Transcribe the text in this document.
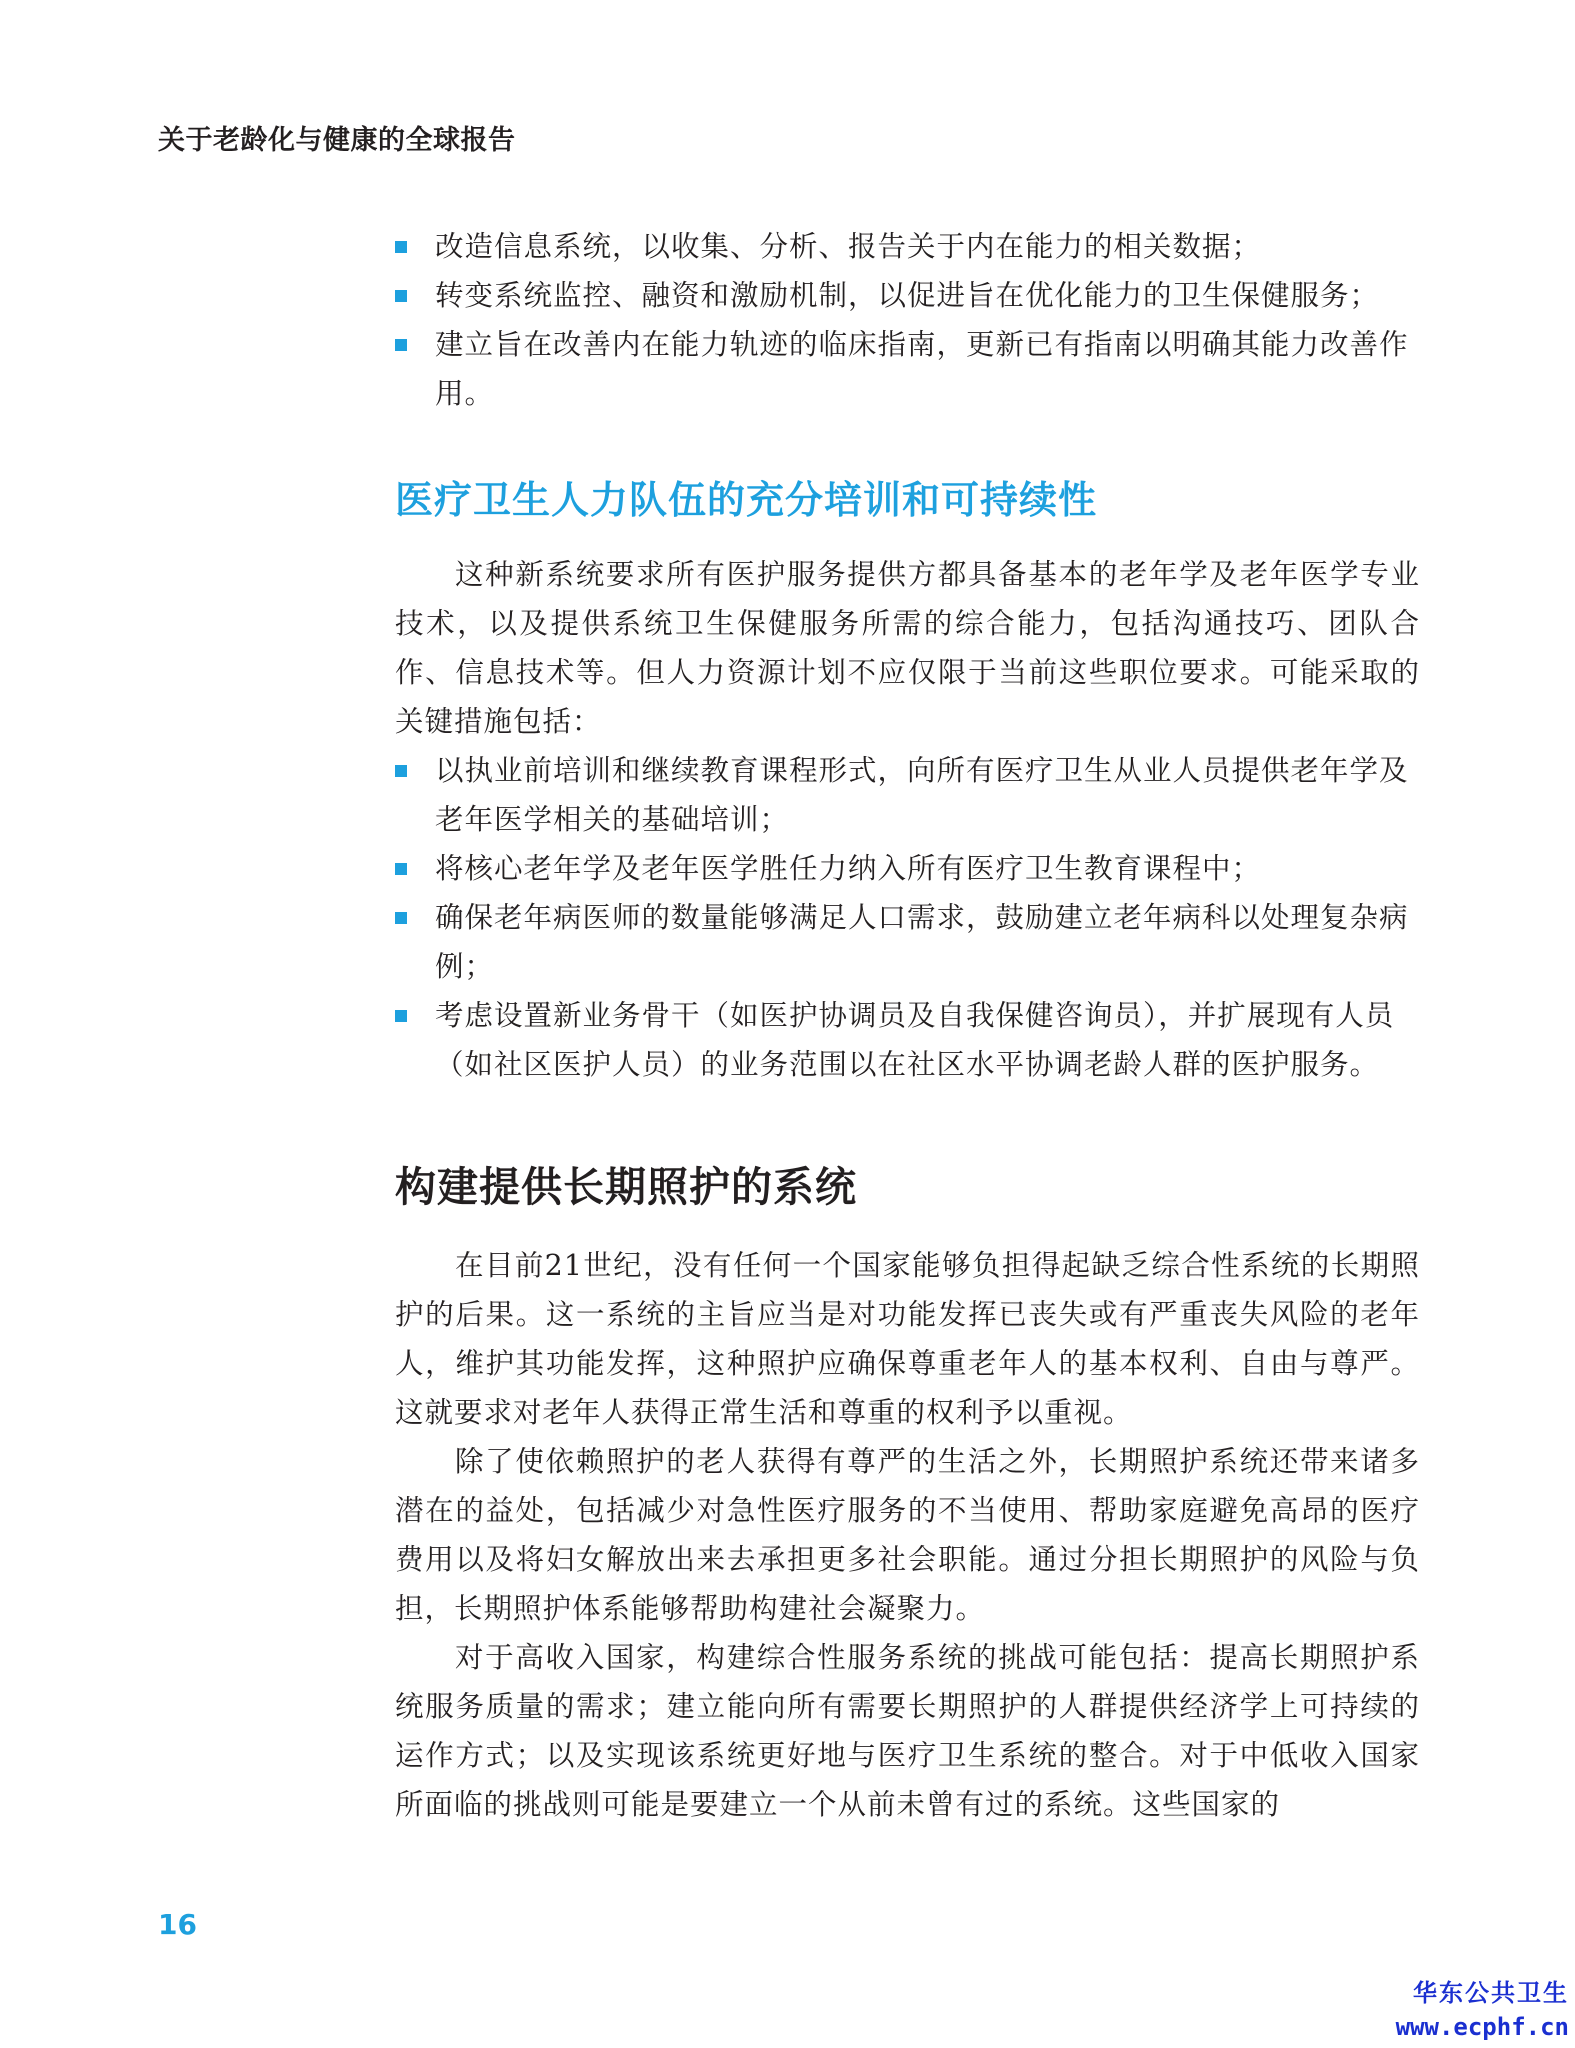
关于老龄化与健康的全球报告
改造信息系统，以收集、分析、报告关于内在能力的相关数据；
转变系统监控、融资和激励机制，以促进旨在优化能力的卫生保健服务；
建立旨在改善内在能力轨迹的临床指南，更新已有指南以明确其能力改善作用。
医疗卫生人力队伍的充分培训和可持续性

这种新系统要求所有医护服务提供方都具备基本的老年学及老年医学专业技术，以及提供系统卫生保健服务所需的综合能力，包括沟通技巧、团队合作、信息技术等。但人力资源计划不应仅限于当前这些职位要求。可能采取的关键措施包括：

以执业前培训和继续教育课程形式，向所有医疗卫生从业人员提供老年学及老年医学相关的基础培训；
将核心老年学及老年医学胜任力纳入所有医疗卫生教育课程中；
确保老年病医师的数量能够满足人口需求，鼓励建立老年病科以处理复杂病例；
考虑设置新业务骨干（如医护协调员及自我保健咨询员），并扩展现有人员（如社区医护人员）的业务范围以在社区水平协调老龄人群的医护服务。
构建提供长期照护的系统

在目前21世纪，没有任何一个国家能够负担得起缺乏综合性系统的长期照护的后果。这一系统的主旨应当是对功能发挥已丧失或有严重丧失风险的老年人，维护其功能发挥，这种照护应确保尊重老年人的基本权利、自由与尊严。这就要求对老年人获得正常生活和尊重的权利予以重视。

除了使依赖照护的老人获得有尊严的生活之外，长期照护系统还带来诸多潜在的益处，包括减少对急性医疗服务的不当使用、帮助家庭避免高昂的医疗费用以及将妇女解放出来去承担更多社会职能。通过分担长期照护的风险与负担，长期照护体系能够帮助构建社会凝聚力。

对于高收入国家，构建综合性服务系统的挑战可能包括：提高长期照护系统服务质量的需求；建立能向所有需要长期照护的人群提供经济学上可持续的运作方式；以及实现该系统更好地与医疗卫生系统的整合。对于中低收入国家所面临的挑战则可能是要建立一个从前未曾有过的系统。这些国家的

16
华东公共卫生
www.ecphf.cn
